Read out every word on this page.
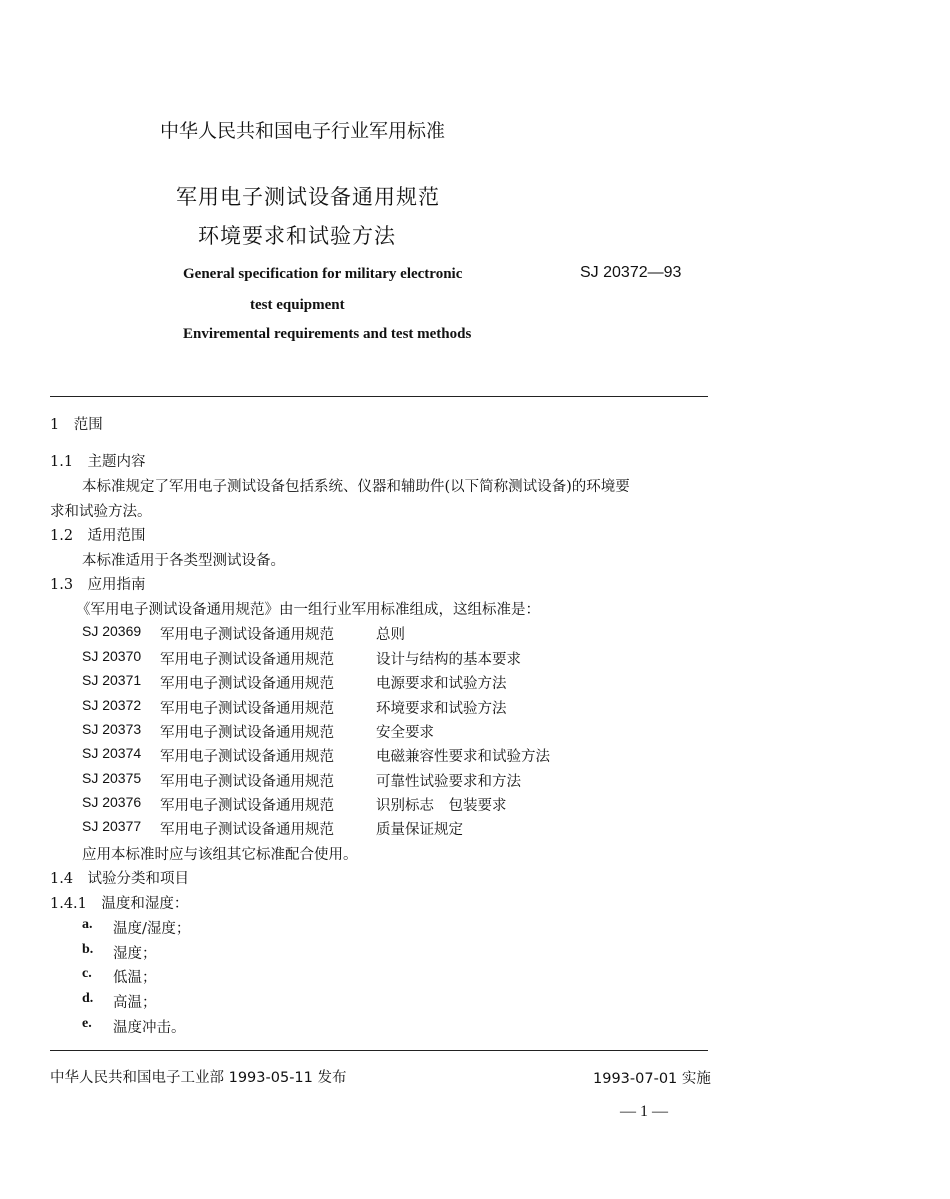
中华人民共和国电子行业军用标准
军用电子测试设备通用规范
环境要求和试验方法
General specification for military electronic
test equipment
Enviremental requirements and test methods
SJ 20372—93
1　范围
1.1　主题内容
本标准规定了军用电子测试设备包括系统、仪器和辅助件(以下简称测试设备)的环境要
求和试验方法。
1.2　适用范围
本标准适用于各类型测试设备。
1.3　应用指南
《军用电子测试设备通用规范》由一组行业军用标准组成，这组标准是：
SJ 20369 军用电子测试设备通用规范	总则
SJ 20370 军用电子测试设备通用规范	设计与结构的基本要求
SJ 20371 军用电子测试设备通用规范	电源要求和试验方法
SJ 20372 军用电子测试设备通用规范	环境要求和试验方法
SJ 20373 军用电子测试设备通用规范	安全要求
SJ 20374 军用电子测试设备通用规范	电磁兼容性要求和试验方法
SJ 20375 军用电子测试设备通用规范	可靠性试验要求和方法
SJ 20376 军用电子测试设备通用规范	识别标志　包装要求
SJ 20377 军用电子测试设备通用规范	质量保证规定
应用本标准时应与该组其它标准配合使用。
1.4　试验分类和项目
1.4.1　温度和湿度：
a. 温度/湿度；
b. 湿度；
c. 低温；
d. 高温；
e. 温度冲击。
中华人民共和国电子工业部 1993-05-11 发布	1993-07-01 实施
— 1 —
